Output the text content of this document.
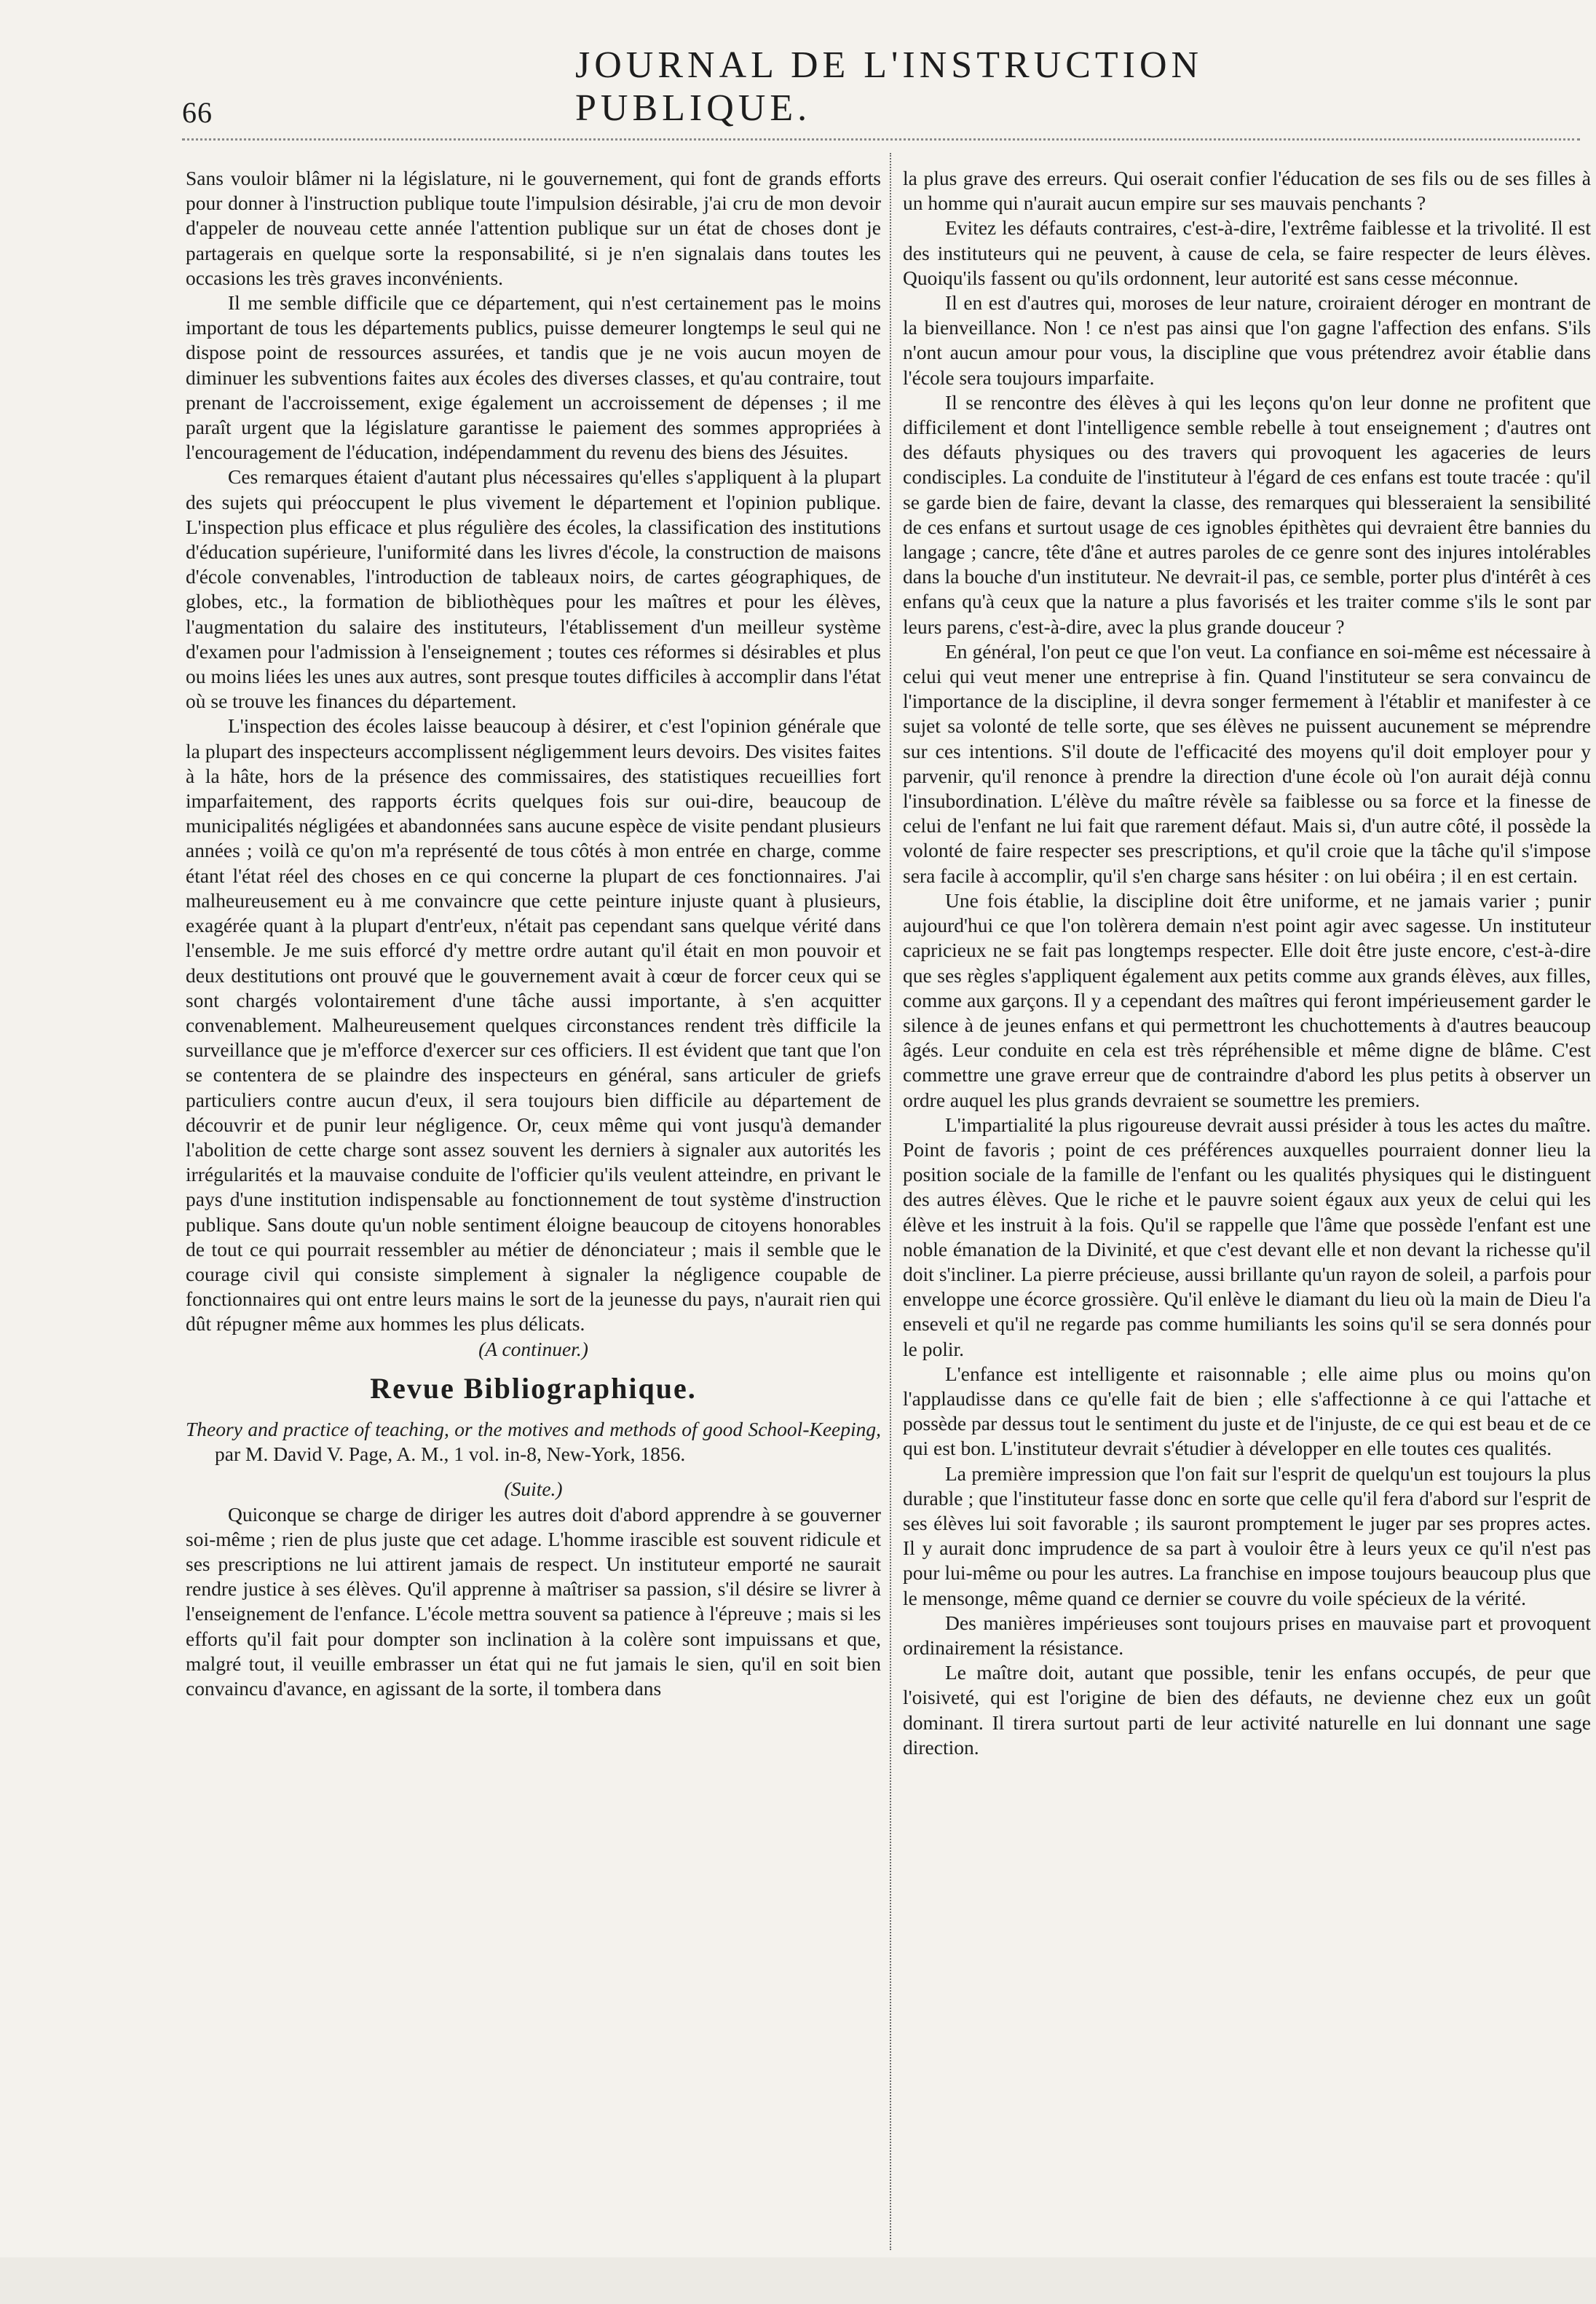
66
JOURNAL DE L'INSTRUCTION PUBLIQUE.

Sans vouloir blâmer ni la législature, ni le gouvernement, qui font de grands efforts pour donner à l'instruction publique toute l'impulsion désirable, j'ai cru de mon devoir d'appeler de nouveau cette année l'attention publique sur un état de choses dont je partagerais en quelque sorte la responsabilité, si je n'en signalais dans toutes les occasions les très graves inconvénients.

Il me semble difficile que ce département, qui n'est certainement pas le moins important de tous les départements publics, puisse demeurer longtemps le seul qui ne dispose point de ressources assurées, et tandis que je ne vois aucun moyen de diminuer les subventions faites aux écoles des diverses classes, et qu'au contraire, tout prenant de l'accroissement, exige également un accroissement de dépenses ; il me paraît urgent que la législature garantisse le paiement des sommes appropriées à l'encouragement de l'éducation, indépendamment du revenu des biens des Jésuites.

Ces remarques étaient d'autant plus nécessaires qu'elles s'appliquent à la plupart des sujets qui préoccupent le plus vivement le département et l'opinion publique. L'inspection plus efficace et plus régulière des écoles, la classification des institutions d'éducation supérieure, l'uniformité dans les livres d'école, la construction de maisons d'école convenables, l'introduction de tableaux noirs, de cartes géographiques, de globes, etc., la formation de bibliothèques pour les maîtres et pour les élèves, l'augmentation du salaire des instituteurs, l'établissement d'un meilleur système d'examen pour l'admission à l'enseignement ; toutes ces réformes si désirables et plus ou moins liées les unes aux autres, sont presque toutes difficiles à accomplir dans l'état où se trouve les finances du département.

L'inspection des écoles laisse beaucoup à désirer, et c'est l'opinion générale que la plupart des inspecteurs accomplissent négligemment leurs devoirs. Des visites faites à la hâte, hors de la présence des commissaires, des statistiques recueillies fort imparfaitement, des rapports écrits quelques fois sur oui-dire, beaucoup de municipalités négligées et abandonnées sans aucune espèce de visite pendant plusieurs années ; voilà ce qu'on m'a représenté de tous côtés à mon entrée en charge, comme étant l'état réel des choses en ce qui concerne la plupart de ces fonctionnaires. J'ai malheureusement eu à me convaincre que cette peinture injuste quant à plusieurs, exagérée quant à la plupart d'entr'eux, n'était pas cependant sans quelque vérité dans l'ensemble. Je me suis efforcé d'y mettre ordre autant qu'il était en mon pouvoir et deux destitutions ont prouvé que le gouvernement avait à cœur de forcer ceux qui se sont chargés volontairement d'une tâche aussi importante, à s'en acquitter convenablement. Malheureusement quelques circonstances rendent très difficile la surveillance que je m'efforce d'exercer sur ces officiers. Il est évident que tant que l'on se contentera de se plaindre des inspecteurs en général, sans articuler de griefs particuliers contre aucun d'eux, il sera toujours bien difficile au département de découvrir et de punir leur négligence. Or, ceux même qui vont jusqu'à demander l'abolition de cette charge sont assez souvent les derniers à signaler aux autorités les irrégularités et la mauvaise conduite de l'officier qu'ils veulent atteindre, en privant le pays d'une institution indispensable au fonctionnement de tout système d'instruction publique. Sans doute qu'un noble sentiment éloigne beaucoup de citoyens honorables de tout ce qui pourrait ressembler au métier de dénonciateur ; mais il semble que le courage civil qui consiste simplement à signaler la négligence coupable de fonctionnaires qui ont entre leurs mains le sort de la jeunesse du pays, n'aurait rien qui dût répugner même aux hommes les plus délicats.

(A continuer.)

Revue Bibliographique.

Theory and practice of teaching, or the motives and methods of good School-Keeping, par M. David V. Page, A. M., 1 vol. in-8, New-York, 1856.

(Suite.)

Quiconque se charge de diriger les autres doit d'abord apprendre à se gouverner soi-même ; rien de plus juste que cet adage. L'homme irascible est souvent ridicule et ses prescriptions ne lui attirent jamais de respect. Un instituteur emporté ne saurait rendre justice à ses élèves. Qu'il apprenne à maîtriser sa passion, s'il désire se livrer à l'enseignement de l'enfance. L'école mettra souvent sa patience à l'épreuve ; mais si les efforts qu'il fait pour dompter son inclination à la colère sont impuissans et que, malgré tout, il veuille embrasser un état qui ne fut jamais le sien, qu'il en soit bien convaincu d'avance, en agissant de la sorte, il tombera dans

la plus grave des erreurs. Qui oserait confier l'éducation de ses fils ou de ses filles à un homme qui n'aurait aucun empire sur ses mauvais penchants ?

Evitez les défauts contraires, c'est-à-dire, l'extrême faiblesse et la trivolité. Il est des instituteurs qui ne peuvent, à cause de cela, se faire respecter de leurs élèves. Quoiqu'ils fassent ou qu'ils ordonnent, leur autorité est sans cesse méconnue.

Il en est d'autres qui, moroses de leur nature, croiraient déroger en montrant de la bienveillance. Non ! ce n'est pas ainsi que l'on gagne l'affection des enfans. S'ils n'ont aucun amour pour vous, la discipline que vous prétendrez avoir établie dans l'école sera toujours imparfaite.

Il se rencontre des élèves à qui les leçons qu'on leur donne ne profitent que difficilement et dont l'intelligence semble rebelle à tout enseignement ; d'autres ont des défauts physiques ou des travers qui provoquent les agaceries de leurs condisciples. La conduite de l'instituteur à l'égard de ces enfans est toute tracée : qu'il se garde bien de faire, devant la classe, des remarques qui blesseraient la sensibilité de ces enfans et surtout usage de ces ignobles épithètes qui devraient être bannies du langage ; cancre, tête d'âne et autres paroles de ce genre sont des injures intolérables dans la bouche d'un instituteur. Ne devrait-il pas, ce semble, porter plus d'intérêt à ces enfans qu'à ceux que la nature a plus favorisés et les traiter comme s'ils le sont par leurs parens, c'est-à-dire, avec la plus grande douceur ?

En général, l'on peut ce que l'on veut. La confiance en soi-même est nécessaire à celui qui veut mener une entreprise à fin. Quand l'instituteur se sera convaincu de l'importance de la discipline, il devra songer fermement à l'établir et manifester à ce sujet sa volonté de telle sorte, que ses élèves ne puissent aucunement se méprendre sur ces intentions. S'il doute de l'efficacité des moyens qu'il doit employer pour y parvenir, qu'il renonce à prendre la direction d'une école où l'on aurait déjà connu l'insubordination. L'élève du maître révèle sa faiblesse ou sa force et la finesse de celui de l'enfant ne lui fait que rarement défaut. Mais si, d'un autre côté, il possède la volonté de faire respecter ses prescriptions, et qu'il croie que la tâche qu'il s'impose sera facile à accomplir, qu'il s'en charge sans hésiter : on lui obéira ; il en est certain.

Une fois établie, la discipline doit être uniforme, et ne jamais varier ; punir aujourd'hui ce que l'on tolèrera demain n'est point agir avec sagesse. Un instituteur capricieux ne se fait pas longtemps respecter. Elle doit être juste encore, c'est-à-dire que ses règles s'appliquent également aux petits comme aux grands élèves, aux filles, comme aux garçons. Il y a cependant des maîtres qui feront impérieusement garder le silence à de jeunes enfans et qui permettront les chuchottements à d'autres beaucoup âgés. Leur conduite en cela est très répréhensible et même digne de blâme. C'est commettre une grave erreur que de contraindre d'abord les plus petits à observer un ordre auquel les plus grands devraient se soumettre les premiers.

L'impartialité la plus rigoureuse devrait aussi présider à tous les actes du maître. Point de favoris ; point de ces préférences auxquelles pourraient donner lieu la position sociale de la famille de l'enfant ou les qualités physiques qui le distinguent des autres élèves. Que le riche et le pauvre soient égaux aux yeux de celui qui les élève et les instruit à la fois. Qu'il se rappelle que l'âme que possède l'enfant est une noble émanation de la Divinité, et que c'est devant elle et non devant la richesse qu'il doit s'incliner. La pierre précieuse, aussi brillante qu'un rayon de soleil, a parfois pour enveloppe une écorce grossière. Qu'il enlève le diamant du lieu où la main de Dieu l'a enseveli et qu'il ne regarde pas comme humiliants les soins qu'il se sera donnés pour le polir.

L'enfance est intelligente et raisonnable ; elle aime plus ou moins qu'on l'applaudisse dans ce qu'elle fait de bien ; elle s'affectionne à ce qui l'attache et possède par dessus tout le sentiment du juste et de l'injuste, de ce qui est beau et de ce qui est bon. L'instituteur devrait s'étudier à développer en elle toutes ces qualités.

La première impression que l'on fait sur l'esprit de quelqu'un est toujours la plus durable ; que l'instituteur fasse donc en sorte que celle qu'il fera d'abord sur l'esprit de ses élèves lui soit favorable ; ils sauront promptement le juger par ses propres actes. Il y aurait donc imprudence de sa part à vouloir être à leurs yeux ce qu'il n'est pas pour lui-même ou pour les autres. La franchise en impose toujours beaucoup plus que le mensonge, même quand ce dernier se couvre du voile spécieux de la vérité.

Des manières impérieuses sont toujours prises en mauvaise part et provoquent ordinairement la résistance.

Le maître doit, autant que possible, tenir les enfans occupés, de peur que l'oisiveté, qui est l'origine de bien des défauts, ne devienne chez eux un goût dominant. Il tirera surtout parti de leur activité naturelle en lui donnant une sage direction.
